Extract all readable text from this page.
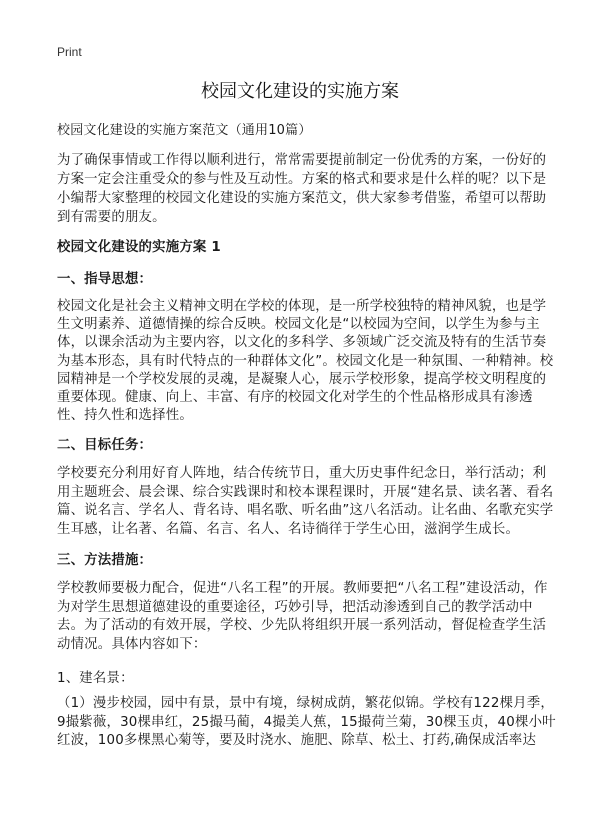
Print
校园文化建设的实施方案

校园文化建设的实施方案范文（通用10篇）

为了确保事情或工作得以顺利进行，常常需要提前制定一份优秀的方案，一份好的方案一定会注重受众的参与性及互动性。方案的格式和要求是什么样的呢？以下是小编帮大家整理的校园文化建设的实施方案范文，供大家参考借鉴，希望可以帮助到有需要的朋友。

校园文化建设的实施方案 1

一、指导思想：

校园文化是社会主义精神文明在学校的体现，是一所学校独特的精神风貌，也是学生文明素养、道德情操的综合反映。校园文化是“以校园为空间，以学生为参与主体，以课余活动为主要内容，以文化的多科学、多领域广泛交流及特有的生活节奏为基本形态，具有时代特点的一种群体文化”。校园文化是一种氛围、一种精神。校园精神是一个学校发展的灵魂，是凝聚人心，展示学校形象，提高学校文明程度的重要体现。健康、向上、丰富、有序的校园文化对学生的个性品格形成具有渗透性、持久性和选择性。

二、目标任务：

学校要充分利用好育人阵地，结合传统节日，重大历史事件纪念日，举行活动；利用主题班会、晨会课、综合实践课时和校本课程课时，开展“建名景、读名著、看名篇、说名言、学名人、背名诗、唱名歌、听名曲”这八名活动。让名曲、名歌充实学生耳感，让名著、名篇、名言、名人、名诗徜徉于学生心田，滋润学生成长。

三、方法措施：

学校教师要极力配合，促进“八名工程”的开展。教师要把“八名工程”建设活动，作为对学生思想道德建设的重要途径，巧妙引导，把活动渗透到自己的教学活动中去。为了活动的有效开展，学校、少先队将组织开展一系列活动，督促检查学生活动情况。具体内容如下：

1、建名景：

（1）漫步校园，园中有景，景中有境，绿树成荫，繁花似锦。学校有122棵月季，9撮紫薇，30棵串红，25撮马蔺，4撮美人蕉，15撮荷兰菊，30棵玉贞，40棵小叶红波，100多棵黑心菊等，要及时浇水、施肥、除草、松土、打药,确保成活率达
